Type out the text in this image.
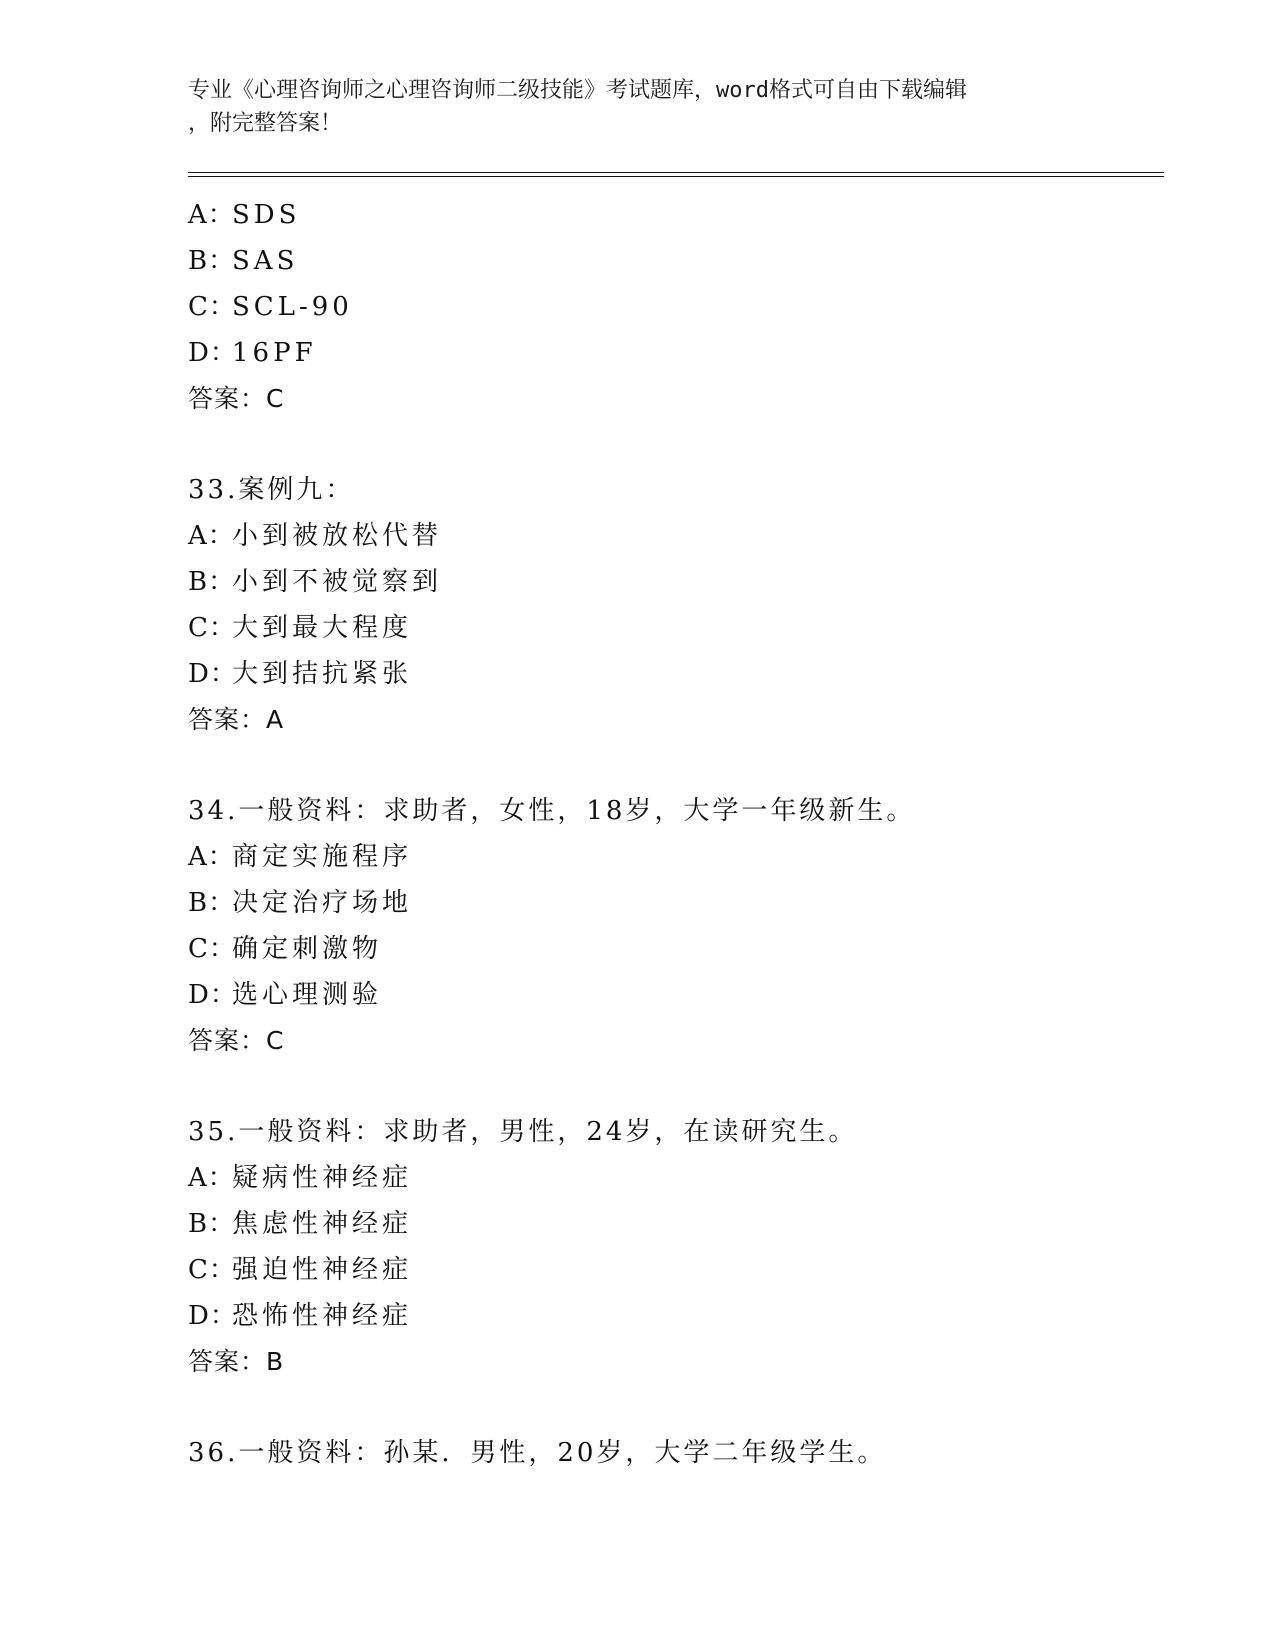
专业《心理咨询师之心理咨询师二级技能》考试题库，word格式可自由下载编辑
，附完整答案！
A：SDS
B：SAS
C：SCL-90
D：16PF
答案：C
33.案例九：
A：小到被放松代替
B：小到不被觉察到
C：大到最大程度
D：大到拮抗紧张
答案：A
34.一般资料：求助者，女性，18岁，大学一年级新生。
A：商定实施程序
B：决定治疗场地
C：确定刺激物
D：选心理测验
答案：C
35.一般资料：求助者，男性，24岁，在读研究生。
A：疑病性神经症
B：焦虑性神经症
C：强迫性神经症
D：恐怖性神经症
答案：B
36.一般资料：孙某．男性，20岁，大学二年级学生。
